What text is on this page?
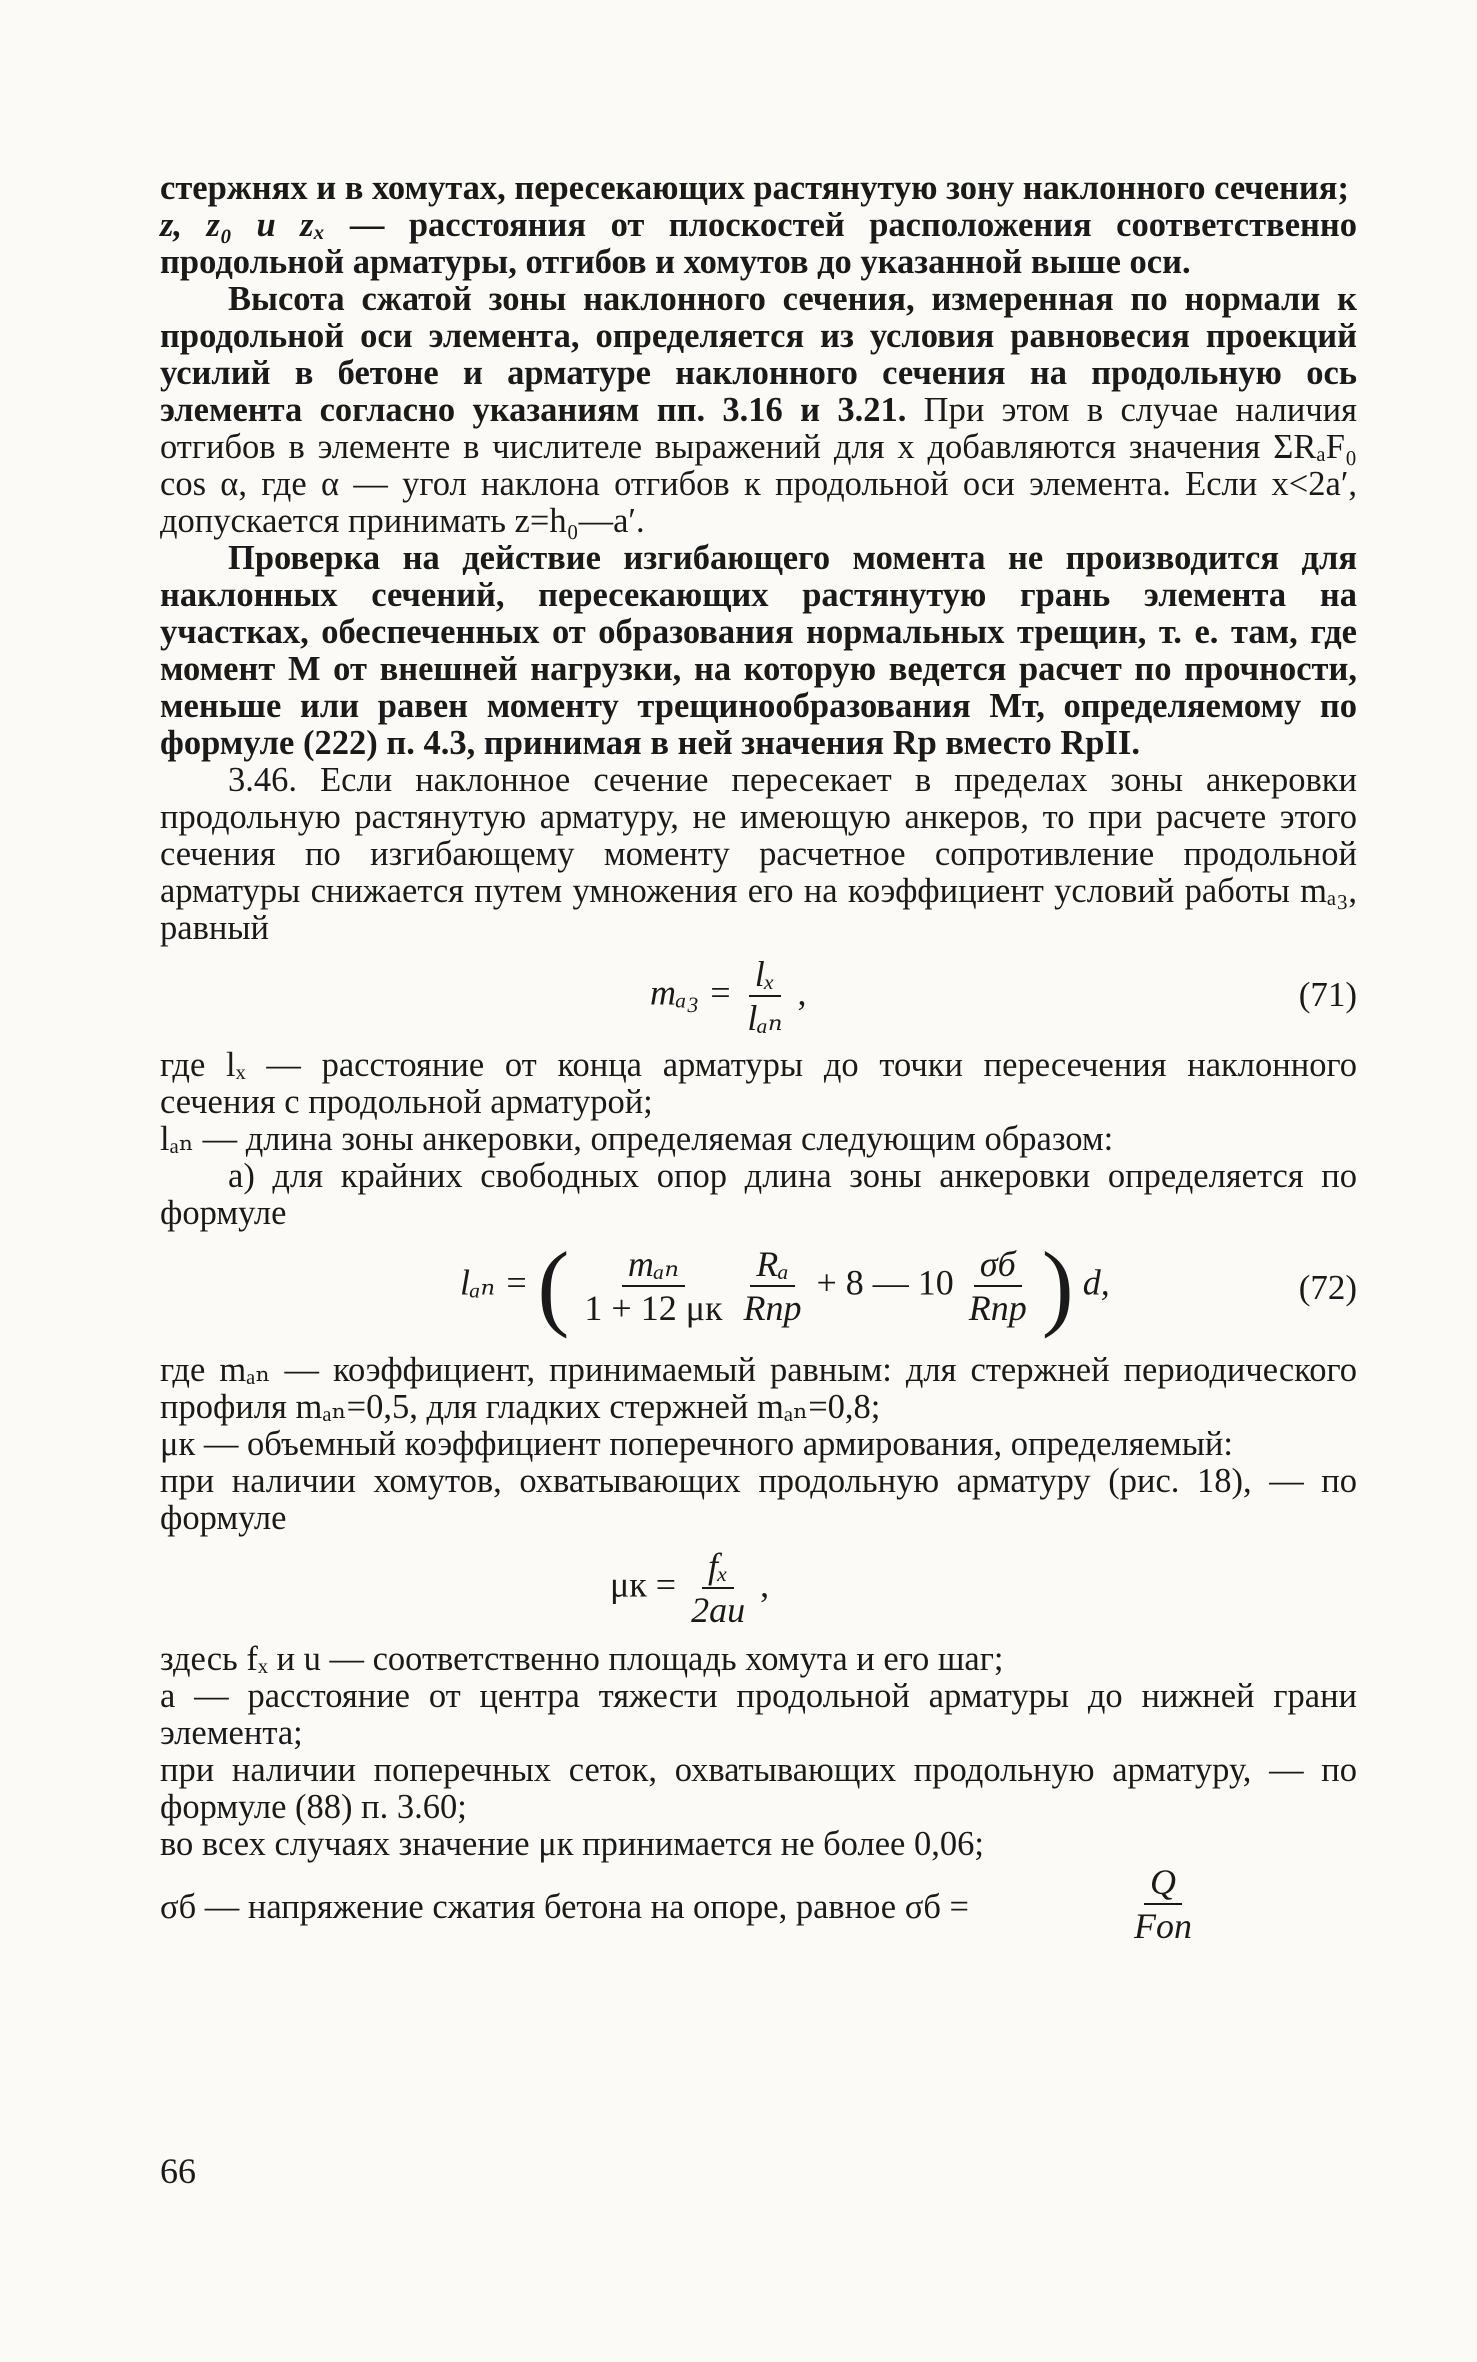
стержнях и в хомутах, пересекающих растянутую зону наклонного сечения;

z, z₀ и zₓ — расстояния от плоскостей расположения соответственно продольной арматуры, отгибов и хомутов до указанной выше оси.

Высота сжатой зоны наклонного сечения, измеренная по нормали к продольной оси элемента, определяется из условия равновесия проекций усилий в бетоне и арматуре наклонного сечения на продольную ось элемента согласно указаниям пп. 3.16 и 3.21. При этом в случае наличия отгибов в элементе в числителе выражений для x добавляются значения ΣRₐF₀ cos α, где α — угол наклона отгибов к продольной оси элемента. Если x<2a′, допускается принимать z=h₀—a′.

Проверка на действие изгибающего момента не производится для наклонных сечений, пересекающих растянутую грань элемента на участках, обеспеченных от образования нормальных трещин, т. е. там, где момент M от внешней нагрузки, на которую ведется расчет по прочности, меньше или равен моменту трещинообразования Mт, определяемому по формуле (222) п. 4.3, принимая в ней значения Rр вместо RpII.

3.46. Если наклонное сечение пересекает в пределах зоны анкеровки продольную растянутую арматуру, не имеющую анкеров, то при расчете этого сечения по изгибающему моменту расчетное сопротивление продольной арматуры снижается путем умножения его на коэффициент условий работы mₐ₃, равный

$m_{a3} = \frac{\text{lₓ}}{\text{lₐₙ}}$ ,	(71)

где lₓ — расстояние от конца арматуры до точки пересечения наклонного сечения с продольной арматурой;

lₐₙ — длина зоны анкеровки, определяемая следующим образом:

а) для крайних свободных опор длина зоны анкеровки определяется по формуле

lₐₙ = ( $\frac{\text{mₐₙ}}{1 + 12 \mu к}$
$\frac{\text{Rₐ}}{\text{Rпр}} + 8$ — $10 \frac{\sigma б}{\text{Rпр}}$ ) d,	(72)

где mₐₙ — коэффициент, принимаемый равным: для стержней периодического профиля mₐₙ=0,5, для гладких стержней mₐₙ=0,8;

μк — объемный коэффициент поперечного армирования, определяемый:

при наличии хомутов, охватывающих продольную арматуру (рис. 18), — по формуле

$\mu к = \frac{\text{fₓ}}{2au}$ ,

здесь fₓ и u — соответственно площадь хомута и его шаг;

a — расстояние от центра тяжести продольной арматуры до нижней грани элемента;

при наличии поперечных сеток, охватывающих продольную арматуру, — по формуле (88) п. 3.60;

во всех случаях значение μк принимается не более 0,06;

σб — напряжение сжатия бетона на опоре, равное σб =
Q
Fоп
66
